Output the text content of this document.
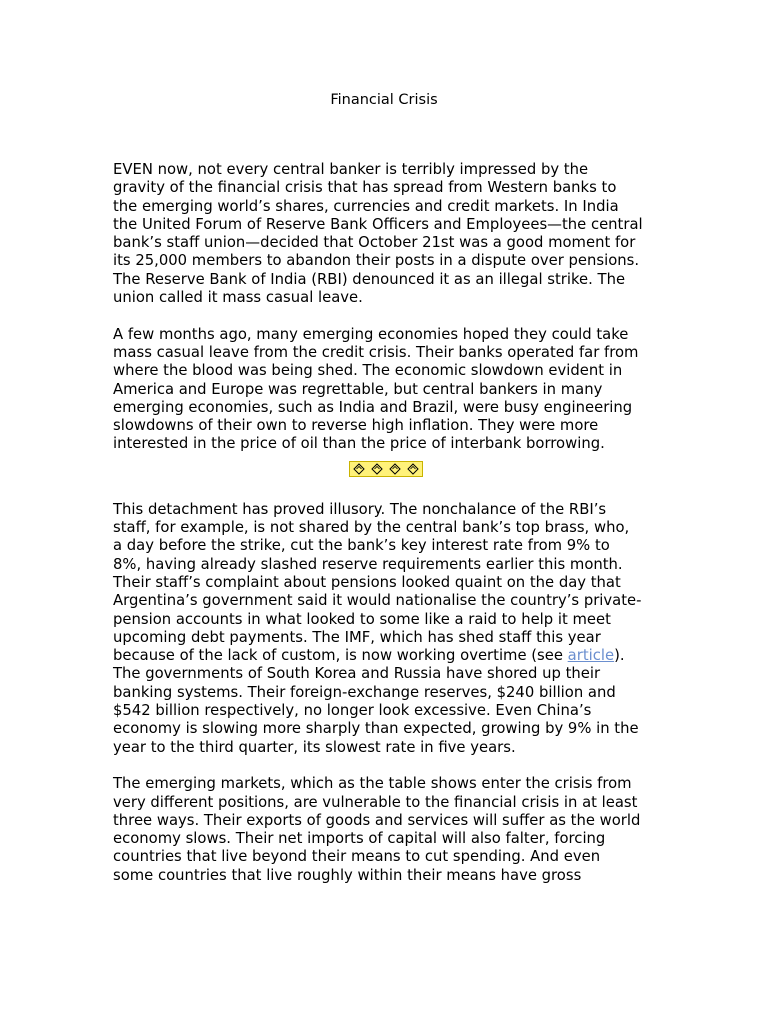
Financial Crisis

EVEN now, not every central banker is terribly impressed by the
gravity of the financial crisis that has spread from Western banks to
the emerging world’s shares, currencies and credit markets. In India
the United Forum of Reserve Bank Officers and Employees—the central
bank’s staff union—decided that October 21st was a good moment for
its 25,000 members to abandon their posts in a dispute over pensions.
The Reserve Bank of India (RBI) denounced it as an illegal strike. The
union called it mass casual leave.

A few months ago, many emerging economies hoped they could take
mass casual leave from the credit crisis. Their banks operated far from
where the blood was being shed. The economic slowdown evident in
America and Europe was regrettable, but central bankers in many
emerging economies, such as India and Brazil, were busy engineering
slowdowns of their own to reverse high inflation. They were more
interested in the price of oil than the price of interbank borrowing.

This detachment has proved illusory. The nonchalance of the RBI’s
staff, for example, is not shared by the central bank’s top brass, who,
a day before the strike, cut the bank’s key interest rate from 9% to
8%, having already slashed reserve requirements earlier this month.
Their staff’s complaint about pensions looked quaint on the day that
Argentina’s government said it would nationalise the country’s private-
pension accounts in what looked to some like a raid to help it meet
upcoming debt payments. The IMF, which has shed staff this year
because of the lack of custom, is now working overtime (see article).
The governments of South Korea and Russia have shored up their
banking systems. Their foreign-exchange reserves, $240 billion and
$542 billion respectively, no longer look excessive. Even China’s
economy is slowing more sharply than expected, growing by 9% in the
year to the third quarter, its slowest rate in five years.

The emerging markets, which as the table shows enter the crisis from
very different positions, are vulnerable to the financial crisis in at least
three ways. Their exports of goods and services will suffer as the world
economy slows. Their net imports of capital will also falter, forcing
countries that live beyond their means to cut spending. And even
some countries that live roughly within their means have gross
